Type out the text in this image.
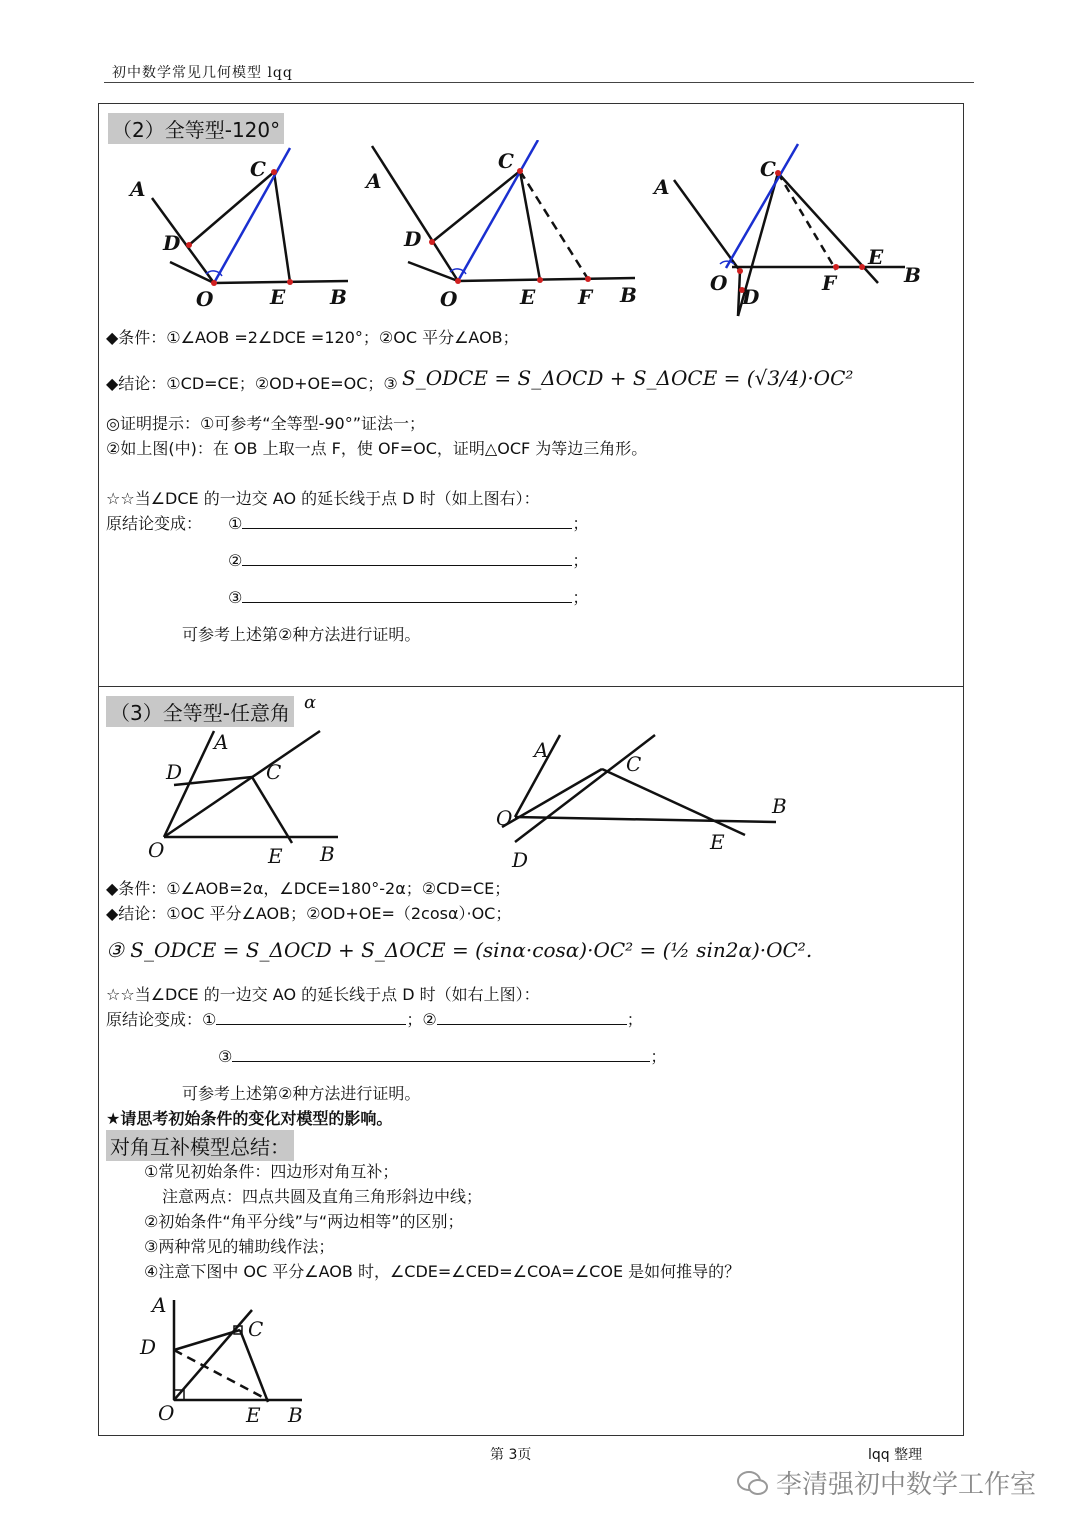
初中数学常见几何模型 lqq
（2）全等型-120°
A
D
C
O	E B
A
D
C
O	E F B
A
C
O
D
F
E
B
◆条件：①∠AOB =2∠DCE =120°；②OC 平分∠AOB；
◆结论：①CD=CE；②OD+OE=OC；③ S_ODCE = S_ΔOCD + S_ΔOCE = (√3/4)·OC²
◎证明提示：①可参考“全等型-90°”证法一；
②如上图(中)：在 OB 上取一点 F，使 OF=OC，证明△OCF 为等边三角形。
☆☆当∠DCE 的一边交 AO 的延长线于点 D 时（如上图右）：
原结论变成： ①	；
②	；
③	；
可参考上述第②种方法进行证明。
（3）全等型-任意角 α
A
D	C
O	E B
A
C
O
D
E
B
◆条件：①∠AOB=2α，∠DCE=180°-2α；②CD=CE；
◆结论：①OC 平分∠AOB；②OD+OE=（2cosα）·OC；
③ S_ODCE = S_ΔOCD + S_ΔOCE = (sinα·cosα)·OC² = (½ sin2α)·OC².
☆☆当∠DCE 的一边交 AO 的延长线于点 D 时（如右上图）：
原结论变成：①	；②	；
③	；
可参考上述第②种方法进行证明。
★请思考初始条件的变化对模型的影响。
对角互补模型总结：
①常见初始条件：四边形对角互补；
注意两点：四点共圆及直角三角形斜边中线；
②初始条件“角平分线”与“两边相等”的区别；
③两种常见的辅助线作法；
④注意下图中 OC 平分∠AOB 时，∠CDE=∠CED=∠COA=∠COE 是如何推导的？
A
D
C
O	E B
第 3页	lqq 整理
李清强初中数学工作室
